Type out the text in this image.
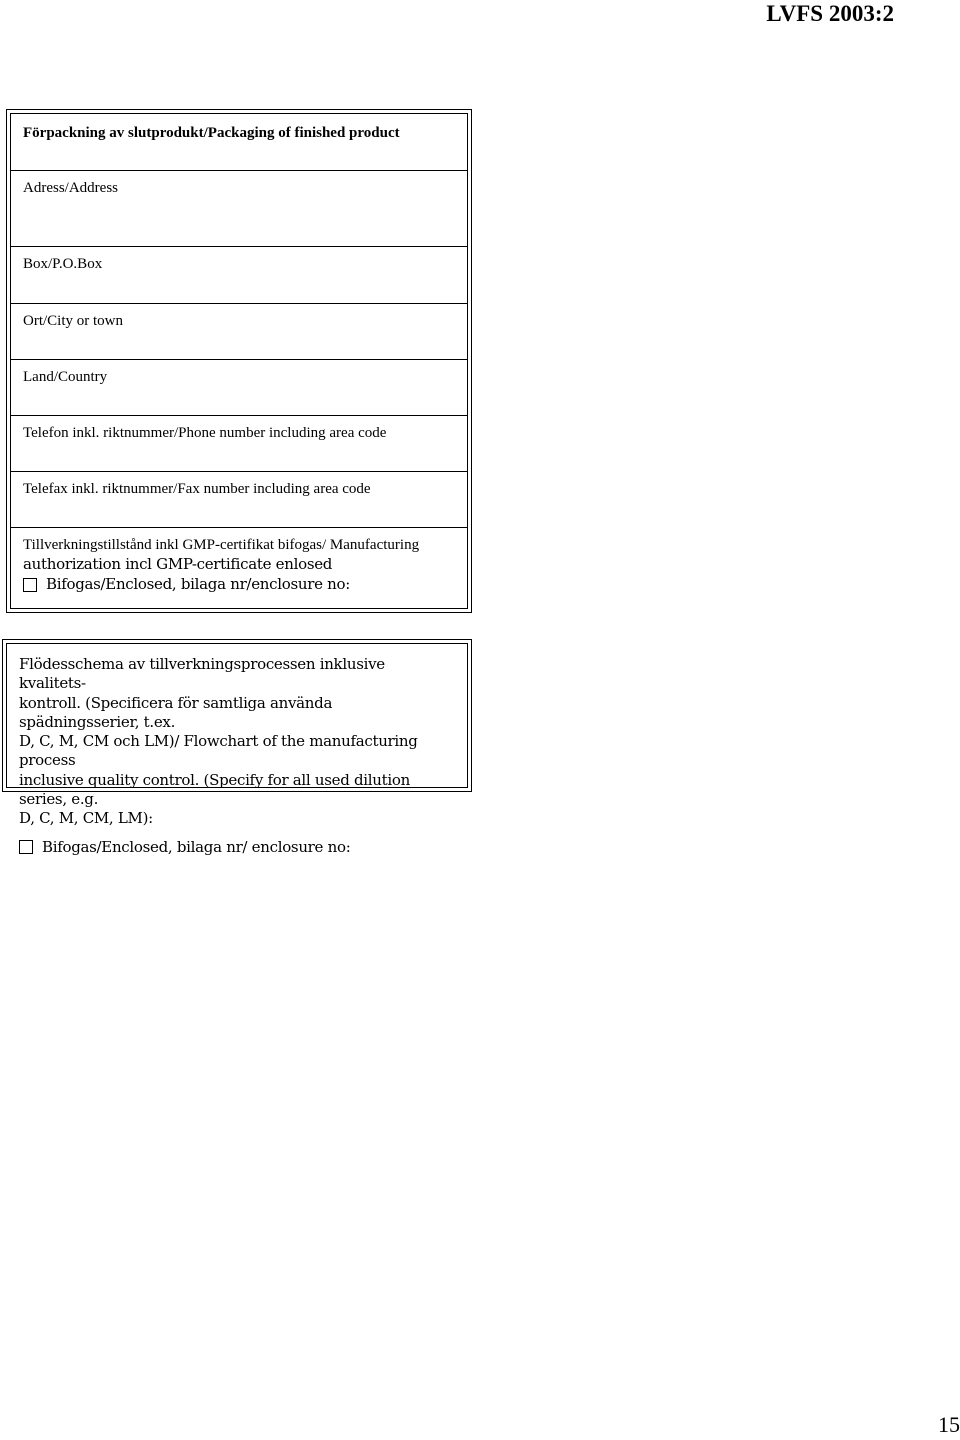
LVFS 2003:2
Förpackning av slutprodukt/Packaging of finished product
Adress/Address
Box/P.O.Box
Ort/City or town
Land/Country
Telefon inkl. riktnummer/Phone number including area code
Telefax inkl. riktnummer/Fax number including area code
Tillverkningstillstånd inkl GMP-certifikat bifogas/ Manufacturing
authorization incl GMP-certificate enlosed
Bifogas/Enclosed, bilaga nr/enclosure no:
Flödesschema av tillverkningsprocessen inklusive kvalitets-
kontroll. (Specificera för samtliga använda spädningsserier, t.ex.
D, C, M, CM och LM)/ Flowchart of the manufacturing process
inclusive quality control. (Specify for all used dilution series, e.g.
D, C, M, CM, LM):
Bifogas/Enclosed, bilaga nr/ enclosure no:
15
